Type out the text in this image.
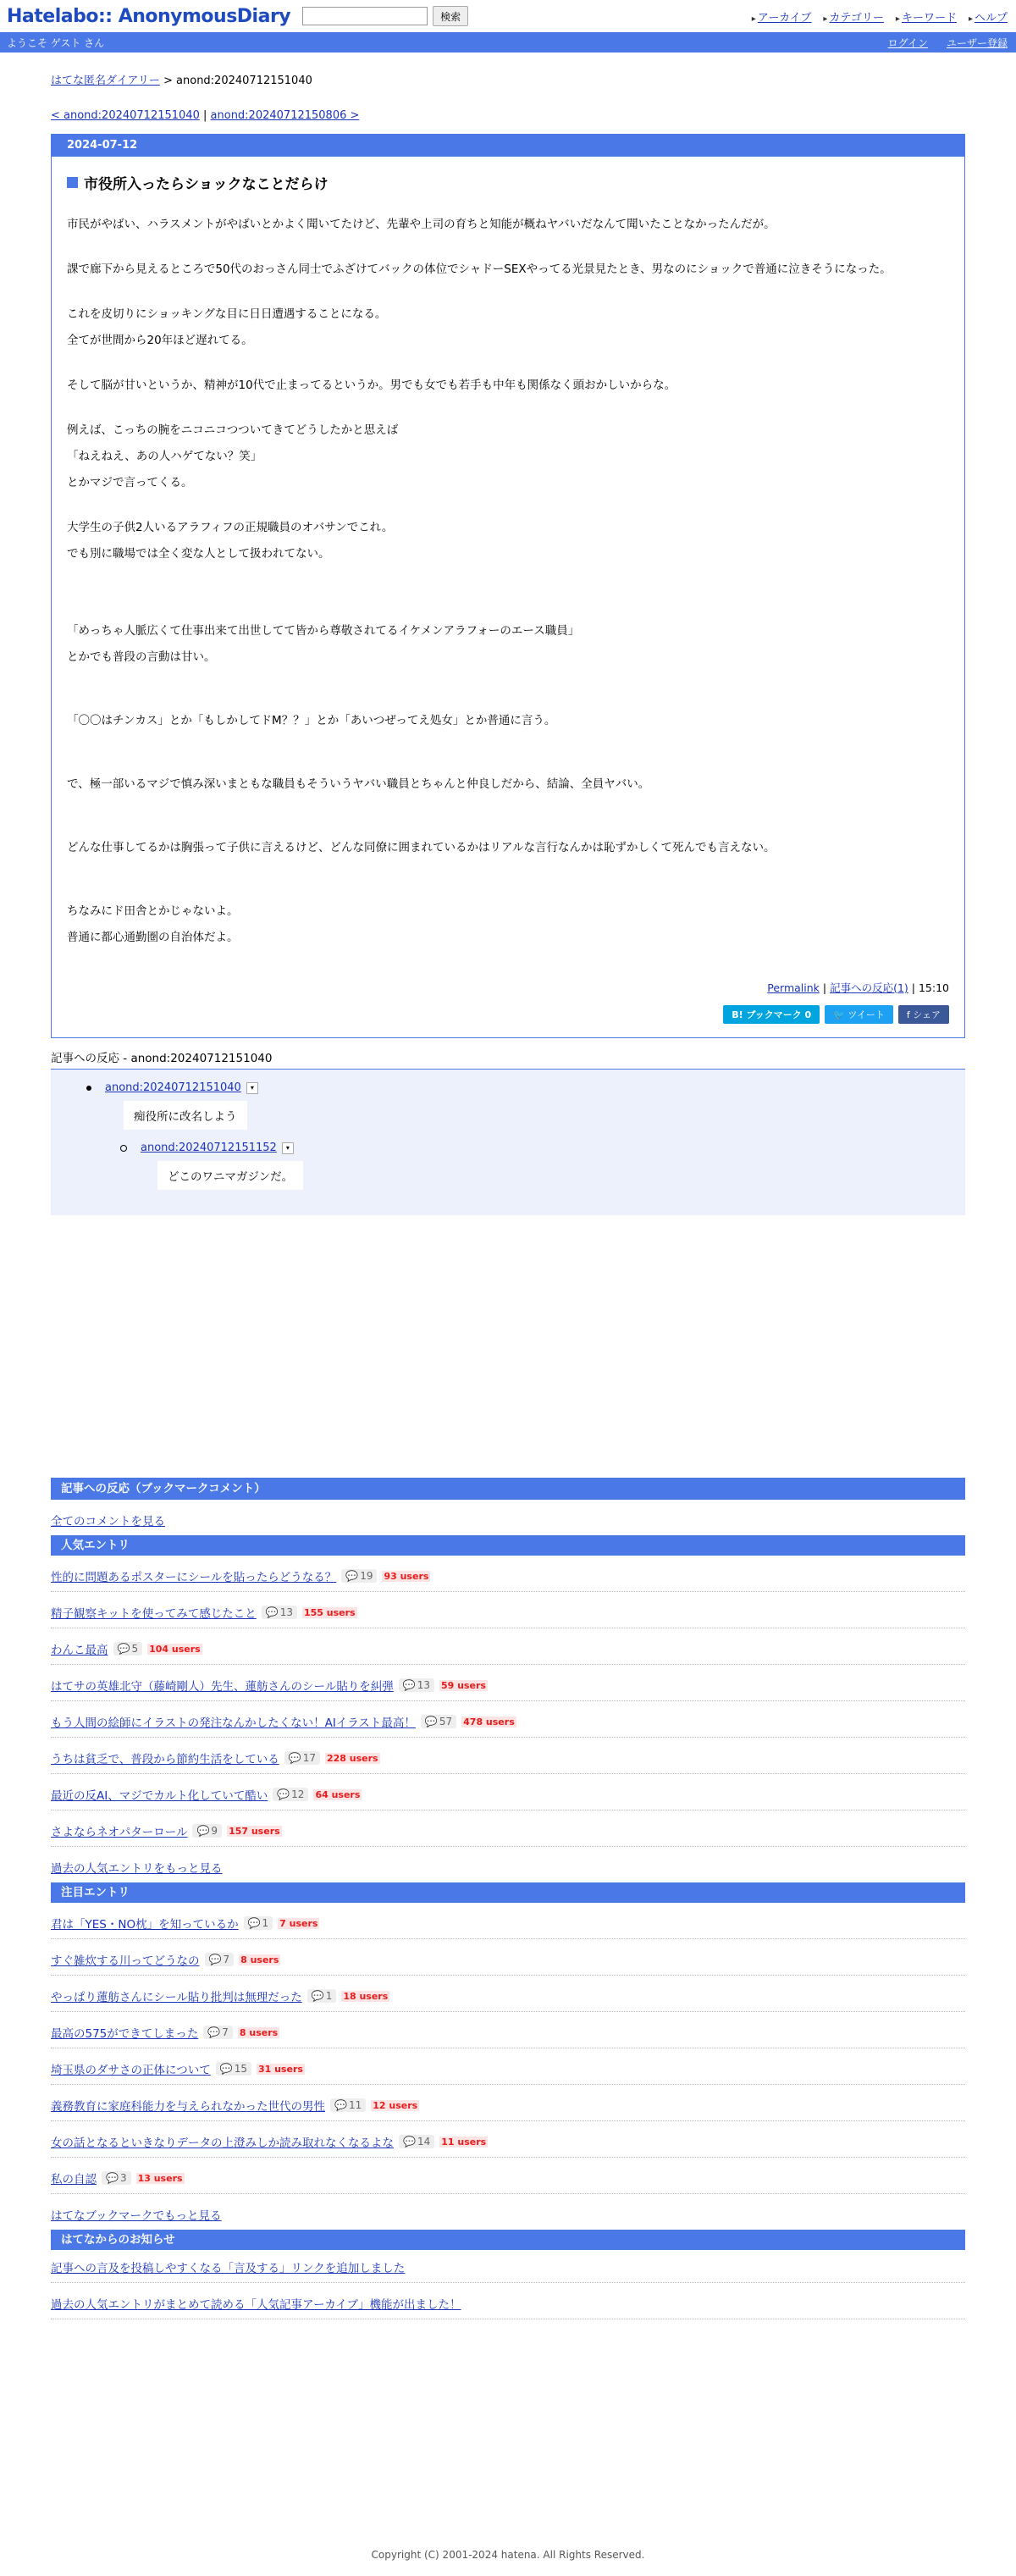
Hatelabo:: AnonymousDiary	検索	▸ アーカイブ	▸ カテゴリー	▸ キーワード	▸ ヘルプ
ようこそ ゲスト さん	ログイン ユーザー登録
はてな匿名ダイアリー > anond:20240712151040
< anond:20240712151040 | anond:20240712150806 >
2024-07-12
市役所入ったらショックなことだらけ

市民がやばい、ハラスメントがやばいとかよく聞いてたけど、先輩や上司の育ちと知能が概ねヤバいだなんて聞いたことなかったんだが。

課で廊下から見えるところで50代のおっさん同士でふざけてバックの体位でシャドーSEXやってる光景見たとき、男なのにショックで普通に泣きそうになった。

これを皮切りにショッキングな目に日日遭遇することになる。

全てが世間から20年ほど遅れてる。

そして脳が甘いというか、精神が10代で止まってるというか。男でも女でも若手も中年も関係なく頭おかしいからな。

例えば、こっちの腕をニコニコつついてきてどうしたかと思えば

「ねえねえ、あの人ハゲてない？笑」

とかマジで言ってくる。

大学生の子供2人いるアラフィフの正規職員のオバサンでこれ。

でも別に職場では全く変な人として扱われてない。

「めっちゃ人脈広くて仕事出来て出世してて皆から尊敬されてるイケメンアラフォーのエース職員」

とかでも普段の言動は甘い。

「〇〇はチンカス」とか「もしかしてドM？？」とか「あいつぜってえ処女」とか普通に言う。

で、極一部いるマジで慎み深いまともな職員もそういうヤバい職員とちゃんと仲良しだから、結論、全員ヤバい。

どんな仕事してるかは胸張って子供に言えるけど、どんな同僚に囲まれているかはリアルな言行なんかは恥ずかしくて死んでも言えない。

ちなみにド田舎とかじゃないよ。

普通に都心通勤圏の自治体だよ。

Permalink | 記事への反応(1) | 15:10
B! ブックマーク 0	🐦 ツイート	f シェア
記事への反応 - anond:20240712151040
anond:20240712151040	▾
痴役所に改名しよう
anond:20240712151152	▾
どこのワニマガジンだ。
記事への反応（ブックマークコメント）
全てのコメントを見る
人気エントリ
性的に問題あるポスターにシールを貼ったらどうなる？ 💬 19 93 users
精子観察キットを使ってみて感じたこと 💬 13 155 users
わんこ最高 💬 5 104 users
はてサの英雄北守（藤崎剛人）先生、蓮舫さんのシール貼りを糾弾 💬 13 59 users
もう人間の絵師にイラストの発注なんかしたくない！AIイラスト最高！ 💬 57 478 users
うちは貧乏で、普段から節約生活をしている 💬 17 228 users
最近の反AI、マジでカルト化していて酷い 💬 12 64 users
さよならネオパターロール 💬 9 157 users
過去の人気エントリをもっと見る
注目エントリ
君は「YES・NO枕」を知っているか 💬 1 7 users
すぐ雑炊する川ってどうなの 💬 7 8 users
やっぱり蓮舫さんにシール貼り批判は無理だった 💬 1 18 users
最高の575ができてしまった 💬 7 8 users
埼玉県のダサさの正体について 💬 15 31 users
義務教育に家庭科能力を与えられなかった世代の男性 💬 11 12 users
女の話となるといきなりデータの上澄みしか読み取れなくなるよな 💬 14 11 users
私の自認 💬 3 13 users
はてなブックマークでもっと見る
はてなからのお知らせ
記事への言及を投稿しやすくなる「言及する」リンクを追加しました
過去の人気エントリがまとめて読める「人気記事アーカイブ」機能が出ました！
Copyright (C) 2001-2024 hatena. All Rights Reserved.
